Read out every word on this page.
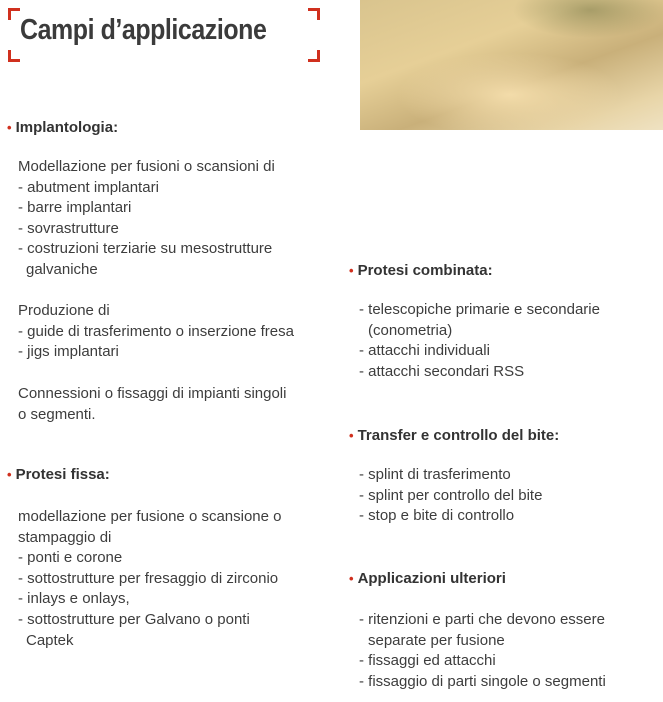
Campi d’applicazione
• Implantologia:
Modellazione per fusioni o scansioni di
- abutment implantari
- barre implantari
- sovrastrutture
- costruzioni terziarie su mesostrutture
galvaniche
Produzione di
- guide di trasferimento o inserzione fresa
- jigs implantari
Connessioni o fissaggi di impianti singoli
o segmenti.
• Protesi fissa:
modellazione per fusione o scansione o
stampaggio di
- ponti e corone
- sottostrutture per fresaggio di zirconio
- inlays e onlays,
- sottostrutture per Galvano o ponti
Captek
• Protesi combinata:
- telescopiche primarie e secondarie
(conometria)
- attacchi individuali
- attacchi secondari RSS
• Transfer e controllo del bite:
- splint di trasferimento
- splint per controllo del bite
- stop e bite di controllo
• Applicazioni ulteriori
- ritenzioni e parti che devono essere
separate per fusione
- fissaggi ed attacchi
- fissaggio di parti singole o segmenti
